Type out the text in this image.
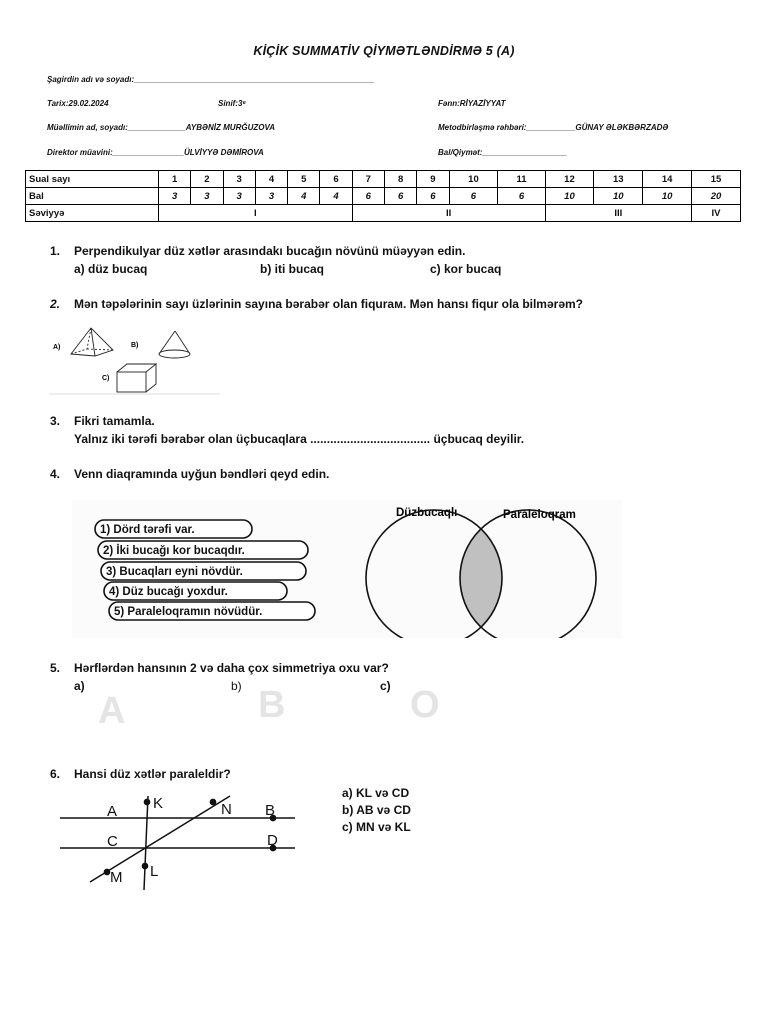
KİÇİK SUMMATİV QİYMƏTLƏNDİRMƏ 5 (A)
Şagirdin adı və soyadı:______________________________________________________
Tarix:29.02.2024	Sinif:3ᵉ	Fənn:RİYAZİYYAT
Müəllimin ad, soyadı:_____________AYBƏNİZ MURĞUZOVA	Metodbirləşmə rəhbəri:___________GÜNAY ƏLƏKBƏRZADƏ
Direktor müavini:________________ÜLVİYYƏ DƏMİROVA	Bal/Qiymət:___________________
Sual sayı	1	2	3	4	5	6	7	8	9	10	11	12	13	14	15
Bal	3	3	3	3	4	4	6	6	6	6	6	10	10	10	20
Səviyyə	I						II					III			IV
1. Perpendikulyar düz xətlər arasındakı bucağın növünü müəyyən edin.
a) düz bucaq	b) iti bucaq	c) kor bucaq
2. Mən təpələrinin sayı üzlərinin sayına bərabər olan fiqurам. Mən hansı fiqur ola bilmərəm?
A)	B)
C)
3. Fikri tamamla.
Yalnız iki tərəfi bərabər olan üçbucaqlara .................................... üçbucaq deyilir.
4. Venn diaqramında uyğun bəndləri qeyd edin.
1) Dörd tərəfi var.
2) İki bucağı kor bucaqdır.
3) Bucaqları eyni növdür.
4) Düz bucağı yoxdur.
5) Paraleloqramın növüdür.
Düzbucaqlı	Paraleloqram
5. Hərflərdən hansının 2 və daha çox simmetriya oxu var?
a)	b)	c)
A	B	O
6. Hansi düz xətlər paraleldir?
A K	N B
C	D
M L
a) KL və CD
b) AB və CD
c) MN və KL
